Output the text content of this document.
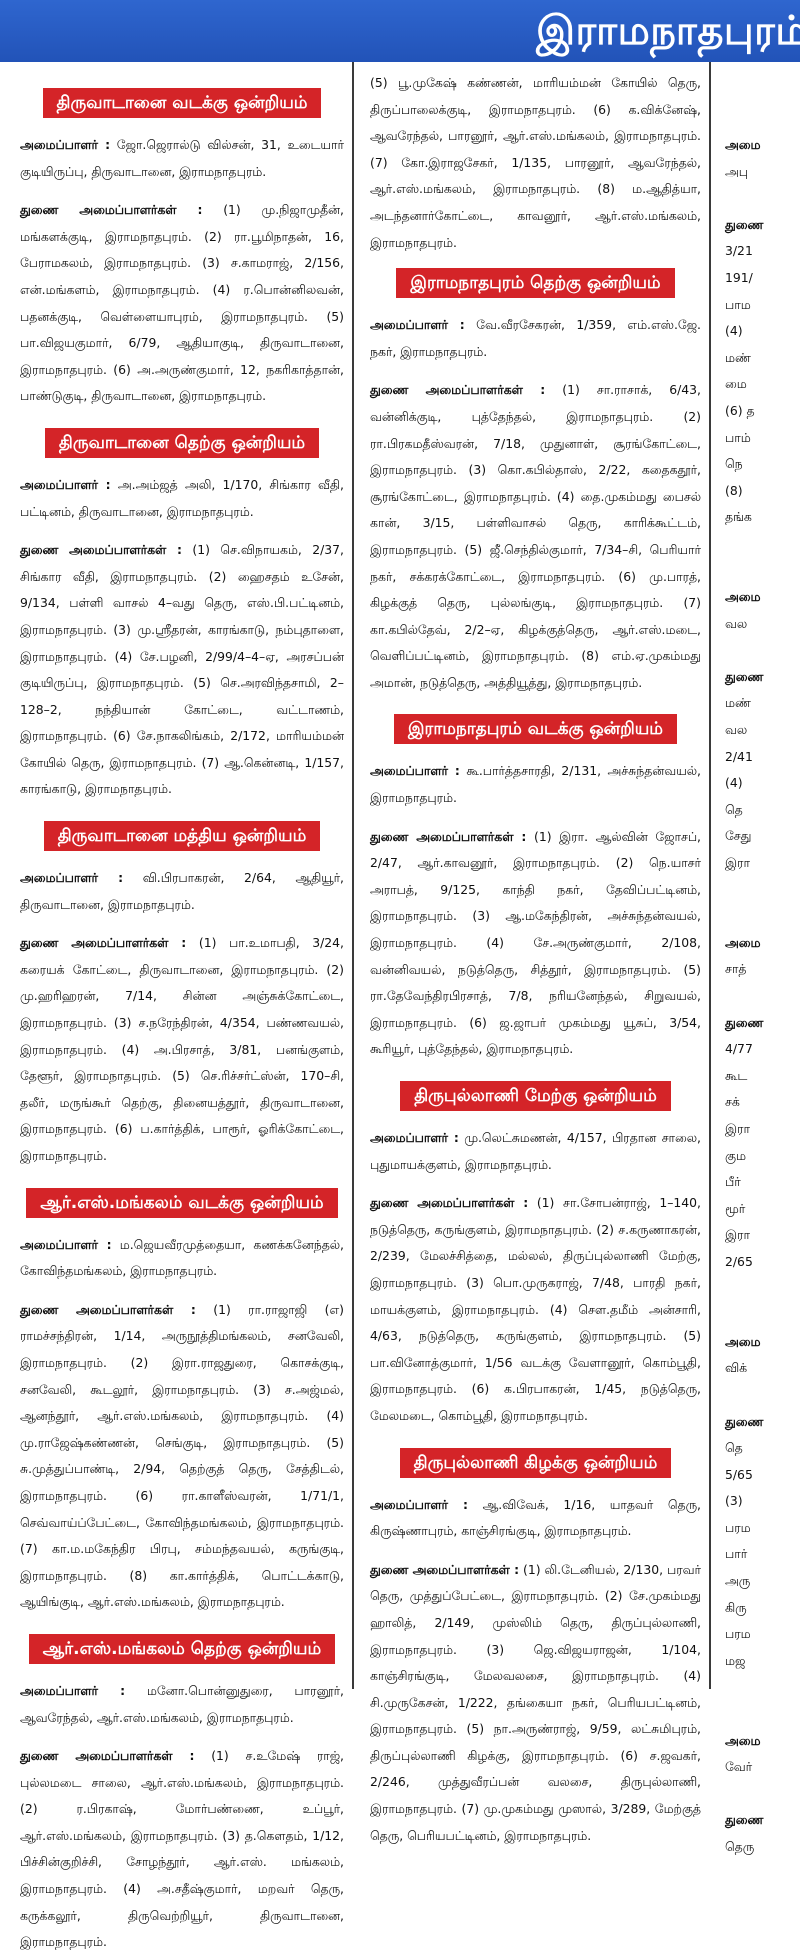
இராமநாதபுரம்
திருவாடானை வடக்கு ஒன்றியம்

அமைப்பாளர் : ஜோ.ஜெரால்டு வில்சன், 31, உடையார் குடியிருப்பு, திருவாடானை, இராமநாதபுரம்.

துணை அமைப்பாளர்கள் : (1) மு.நிஜாமுதீன், மங்களக்குடி, இராமநாதபுரம். (2) ரா.பூமிநாதன், 16, பேராமகலம், இராமநாதபுரம். (3) ச.காமராஜ், 2/156, என்.மங்களம், இராமநாதபுரம். (4) ர.பொன்னிலவன், பதனக்குடி, வெள்ளையாபுரம், இராமநாதபுரம். (5) பா.விஜயகுமார், 6/79, ஆதியாகுடி, திருவாடானை, இராமநாதபுரம். (6) அ.அருண்குமார், 12, நகரிகாத்தான், பாண்டுகுடி, திருவாடானை, இராமநாதபுரம்.

திருவாடானை தெற்கு ஒன்றியம்

அமைப்பாளர் : அ.அம்ஜத் அலி, 1/170, சிங்கார வீதி, பட்டினம், திருவாடானை, இராமநாதபுரம்.

துணை அமைப்பாளர்கள் : (1) செ.விநாயகம், 2/37, சிங்கார வீதி, இராமநாதபுரம். (2) ஹைசதம் உசேன், 9/134, பள்ளி வாசல் 4–வது தெரு, எஸ்.பி.பட்டினம், இராமநாதபுரம். (3) மு.ஸ்ரீதரன், காரங்காடு, நம்புதாளை, இராமநாதபுரம். (4) சே.பழனி, 2/99/4–4–ஏ, அரசப்பன் குடியிருப்பு, இராமநாதபுரம். (5) செ.அரவிந்தசாமி, 2–128–2, நந்தியான் கோட்டை, வட்டாணம், இராமநாதபுரம். (6) சே.நாகலிங்கம், 2/172, மாரியம்மன் கோயில் தெரு, இராமநாதபுரம். (7) ஆ.கென்னடி, 1/157, காரங்காடு, இராமநாதபுரம்.

திருவாடானை மத்திய ஒன்றியம்

அமைப்பாளர் : வி.பிரபாகரன், 2/64, ஆதியூர், திருவாடானை, இராமநாதபுரம்.

துணை அமைப்பாளர்கள் : (1) பா.உமாபதி, 3/24, கரையக் கோட்டை, திருவாடானை, இராமநாதபுரம். (2) மு.ஹரிஹரன், 7/14, சின்ன அஞ்சுக்கோட்டை, இராமநாதபுரம். (3) ச.நரேந்திரன், 4/354, பண்ணவயல், இராமநாதபுரம். (4) அ.பிரசாத், 3/81, பனங்குளம், தேளூர், இராமநாதபுரம். (5) செ.ரிச்சர்ட்ஸ்ன், 170–சி, தலீர், மருங்கூர் தெற்கு, தினையத்தூர், திருவாடானை, இராமநாதபுரம். (6) ப.கார்த்திக், பாரூர், ஓரிக்கோட்டை, இராமநாதபுரம்.

ஆர்.எஸ்.மங்கலம் வடக்கு ஒன்றியம்

அமைப்பாளர் : ம.ஜெயவீரமுத்தையா, கணக்கனேந்தல், கோவிந்தமங்கலம், இராமநாதபுரம்.

துணை அமைப்பாளர்கள் : (1) ரா.ராஜாஜி (எ) ராமச்சந்திரன், 1/14, அருநூத்திமங்கலம், சனவேலி, இராமநாதபுரம். (2) இரா.ராஜதுரை, கொசக்குடி, சனவேலி, கூடலூர், இராமநாதபுரம். (3) ச.அஜ்மல், ஆனந்தூர், ஆர்.எஸ்.மங்கலம், இராமநாதபுரம். (4) மு.ராஜேஷ்கண்ணன், செங்குடி, இராமநாதபுரம். (5) சு.முத்துப்பாண்டி, 2/94, தெற்குத் தெரு, சேத்திடல், இராமநாதபுரம். (6) ரா.காளீஸ்வரன், 1/71/1, செவ்வாய்ப்பேட்டை, கோவிந்தமங்கலம், இராமநாதபுரம். (7) கா.ம.மகேந்திர பிரபு, சம்மந்தவயல், கருங்குடி, இராமநாதபுரம். (8) கா.கார்த்திக், பொட்டக்காடு, ஆயிங்குடி, ஆர்.எஸ்.மங்கலம், இராமநாதபுரம்.

ஆர்.எஸ்.மங்கலம் தெற்கு ஒன்றியம்

அமைப்பாளர் : மனோ.பொன்னுதுரை, பாரனூர், ஆவரேந்தல், ஆர்.எஸ்.மங்கலம், இராமநாதபுரம்.

துணை அமைப்பாளர்கள் : (1) ச.உமேஷ் ராஜ், புல்லமடை சாலை, ஆர்.எஸ்.மங்கலம், இராமநாதபுரம். (2) ர.பிரகாஷ், மோர்பண்ணை, உப்பூர், ஆர்.எஸ்.மங்கலம், இராமநாதபுரம். (3) த.கௌதம், 1/12, பிச்சின்குறிச்சி, சோழந்தூர், ஆர்.எஸ். மங்கலம், இராமநாதபுரம். (4) அ.சதீஷ்குமார், மறவர் தெரு, கருக்கலூர், திருவெற்றியூர், திருவாடானை, இராமநாதபுரம்.

(5) பூ.முகேஷ் கண்ணன், மாரியம்மன் கோயில் தெரு, திருப்பாலைக்குடி, இராமநாதபுரம். (6) க.விக்னேஷ், ஆவரேந்தல், பாரனூர், ஆர்.எஸ்.மங்கலம், இராமநாதபுரம். (7) கோ.இராஜசேகர், 1/135, பாரனூர், ஆவரேந்தல், ஆர்.எஸ்.மங்கலம், இராமநாதபுரம். (8) ம.ஆதித்யா, அடந்தனார்கோட்டை, காவனூர், ஆர்.எஸ்.மங்கலம், இராமநாதபுரம்.

இராமநாதபுரம் தெற்கு ஒன்றியம்

அமைப்பாளர் : வே.வீரசேகரன், 1/359, எம்.எஸ்.ஜே. நகர், இராமநாதபுரம்.

துணை அமைப்பாளர்கள் : (1) சா.ராசாக், 6/43, வன்னிக்குடி, புத்தேந்தல், இராமநாதபுரம். (2) ரா.பிரகமதீஸ்வரன், 7/18, முதுனாள், சூரங்கோட்டை, இராமநாதபுரம். (3) கொ.கபில்தாஸ், 2/22, கதைகதூர், சூரங்கோட்டை, இராமநாதபுரம். (4) தை.முகம்மது பைசல் கான், 3/15, பள்ளிவாசல் தெரு, காரிக்கூட்டம், இராமநாதபுரம். (5) ஜீ.செந்தில்குமார், 7/34–சி, பெரியார் நகர், சக்கரக்கோட்டை, இராமநாதபுரம். (6) மு.பாரத், கிழக்குத் தெரு, புல்லங்குடி, இராமநாதபுரம். (7) கா.கபில்தேவ், 2/2–ஏ, கிழக்குத்தெரு, ஆர்.எஸ்.மடை, வெளிப்பட்டினம், இராமநாதபுரம். (8) எம்.ஏ.முகம்மது அமான், நடுத்தெரு, அத்தியூத்து, இராமநாதபுரம்.

இராமநாதபுரம் வடக்கு ஒன்றியம்

அமைப்பாளர் : கூ.பார்த்தசாரதி, 2/131, அச்சுந்தன்வயல், இராமநாதபுரம்.

துணை அமைப்பாளர்கள் : (1) இரா. ஆல்வின் ஜோசப், 2/47, ஆர்.காவனூர், இராமநாதபுரம். (2) நெ.யாசர் அராபத், 9/125, காந்தி நகர், தேவிப்பட்டினம், இராமநாதபுரம். (3) ஆ.மகேந்திரன், அச்சுந்தன்வயல், இராமநாதபுரம். (4) சே.அருண்குமார், 2/108, வன்னிவயல், நடுத்தெரு, சித்தூர், இராமநாதபுரம். (5) ரா.தேவேந்திரபிரசாத், 7/8, நரியனேந்தல், சிறுவயல், இராமநாதபுரம். (6) ஜ.ஜாபர் முகம்மது யூசுப், 3/54, கூரியூர், புத்தேந்தல், இராமநாதபுரம்.

திருபுல்லாணி மேற்கு ஒன்றியம்

அமைப்பாளர் : மு.லெட்சுமணன், 4/157, பிரதான சாலை, புதுமாயக்குளம், இராமநாதபுரம்.

துணை அமைப்பாளர்கள் : (1) சா.சோபன்ராஜ், 1–140, நடுத்தெரு, கருங்குளம், இராமநாதபுரம். (2) ச.கருணாகரன், 2/239, மேலச்சித்தை, மல்லல், திருப்புல்லாணி மேற்கு, இராமநாதபுரம். (3) பொ.முருகராஜ், 7/48, பாரதி நகர், மாயக்குளம், இராமநாதபுரம். (4) சௌ.தமீம் அன்சாரி, 4/63, நடுத்தெரு, கருங்குளம், இராமநாதபுரம். (5) பா.வினோத்குமார், 1/56 வடக்கு வேளானூர், கொம்பூதி, இராமநாதபுரம். (6) க.பிரபாகரன், 1/45, நடுத்தெரு, மேலமடை, கொம்பூதி, இராமநாதபுரம்.

திருபுல்லாணி கிழக்கு ஒன்றியம்

அமைப்பாளர் : ஆ.விவேக், 1/16, யாதவர் தெரு, கிருஷ்ணாபுரம், காஞ்சிரங்குடி, இராமநாதபுரம்.

துணை அமைப்பாளர்கள் : (1) லி.டேனியல், 2/130, பரவர் தெரு, முத்துப்பேட்டை, இராமநாதபுரம். (2) சே.முகம்மது ஹாலித், 2/149, முஸ்லிம் தெரு, திருப்புல்லாணி, இராமநாதபுரம். (3) ஜெ.விஜயராஜன், 1/104, காஞ்சிரங்குடி, மேலவலசை, இராமநாதபுரம். (4) சி.முருகேசன், 1/222, தங்கையா நகர், பெரியபட்டினம், இராமநாதபுரம். (5) நா.அருண்ராஜ், 9/59, லட்சுமிபுரம், திருப்புல்லாணி கிழக்கு, இராமநாதபுரம். (6) ச.ஜவகர், 2/246, முத்துவீரப்பன் வலசை, திருபுல்லாணி, இராமநாதபுரம். (7) மு.முகம்மது முஸால், 3/289, மேற்குத் தெரு, பெரியபட்டினம், இராமநாதபுரம்.

அமை
அபு

துணை
3/21
191/
பாம
(4)
மண்
மை
(6) த
பாம்
நெ
(8)
தங்க

அமை
வல

துணை
மண்
வல
2/41
(4)
தெ
சேது
இரா

அமை
சாத்

துணை
4/77
கூட
சக்
இரா
கும
பீர்
மூர்
இரா
2/65

அமை
விக்

துணை
தெ
5/65
(3)
பரம
பார்
அரு
கிரு
பரம
மஜ

அமை
வேர்

துணை
தெரு
